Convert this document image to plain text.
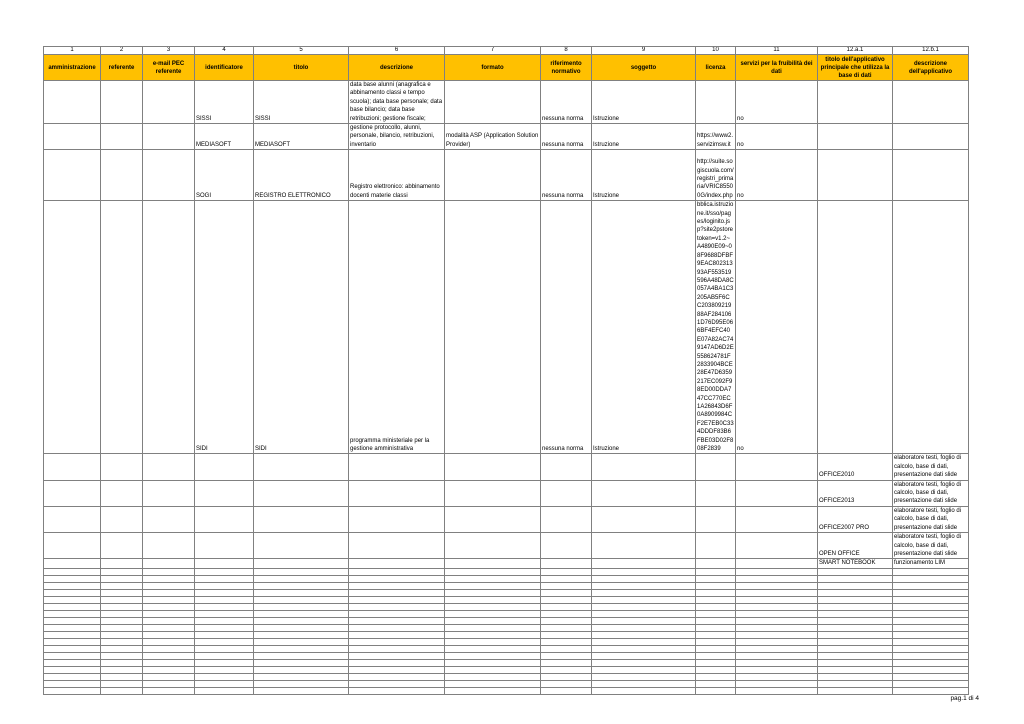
1	2	3	4	5	6	7	8	9	10	11	12.a.1	12.b.1
amministrazione	referente	e-mail PEC referente	identificatore	titolo	descrizione	formato	riferimento normativo	soggetto	licenza	servizi per la fruibilità dei dati	titolo dell'applicativo principale che utilizza la base di dati	descrizione dell'applicativo
			SISSI	SISSI	data base alunni (anagrafica e abbinamento classi e tempo scuola); data base personale; data base bilancio; data base retribuzioni; gestione fiscale;		nessuna norma	Istruzione		no		
			MEDIASOFT	MEDIASOFT	gestione protocollo, alunni, personale, bilancio, retribuzioni, inventario	modalità ASP (Application Solution Provider)	nessuna norma	Istruzione	https://www2.servizimsw.it	no		
			SOGI	REGISTRO ELETTRONICO	Registro elettronico: abbinamento docenti materie classi		nessuna norma	Istruzione	http://suite.sogiscuola.com/registri_primaria/VRIC85500G/index.php	no		
			SIDI	SIDI	programma ministeriale per la gestione amministrativa		nessuna norma	Istruzione	bblica.istruzione.it/sso/pages/loginito.jsp?site2pstoretoken=v1.2~A4890E09~08F9688DFBF9EAC80231393AF553519596A48DA8C057A4BA1C3205AB5F6CC20380921988AF2841061D76D95E066BF4EFC40E07A82AC749147AD6D2E558624781F2833904BCE28E47D6359217EC092F98ED00DDA747CC770EC1A26843D6F0A8909984CF2E7EB0C334DDDF83B6FBE03D02F808F2839	no		
											OFFICE2010	elaboratore testi, foglio di calcolo, base di dati, presentazione dati slide
											OFFICE2013	elaboratore testi, foglio di calcolo, base di dati, presentazione dati slide
											OFFICE2007 PRO	elaboratore testi, foglio di calcolo, base di dati, presentazione dati slide
											OPEN OFFICE	elaboratore testi, foglio di calcolo, base di dati, presentazione dati slide
											SMART NOTEBOOK	funzionamento LIM

pag.1 di 4
